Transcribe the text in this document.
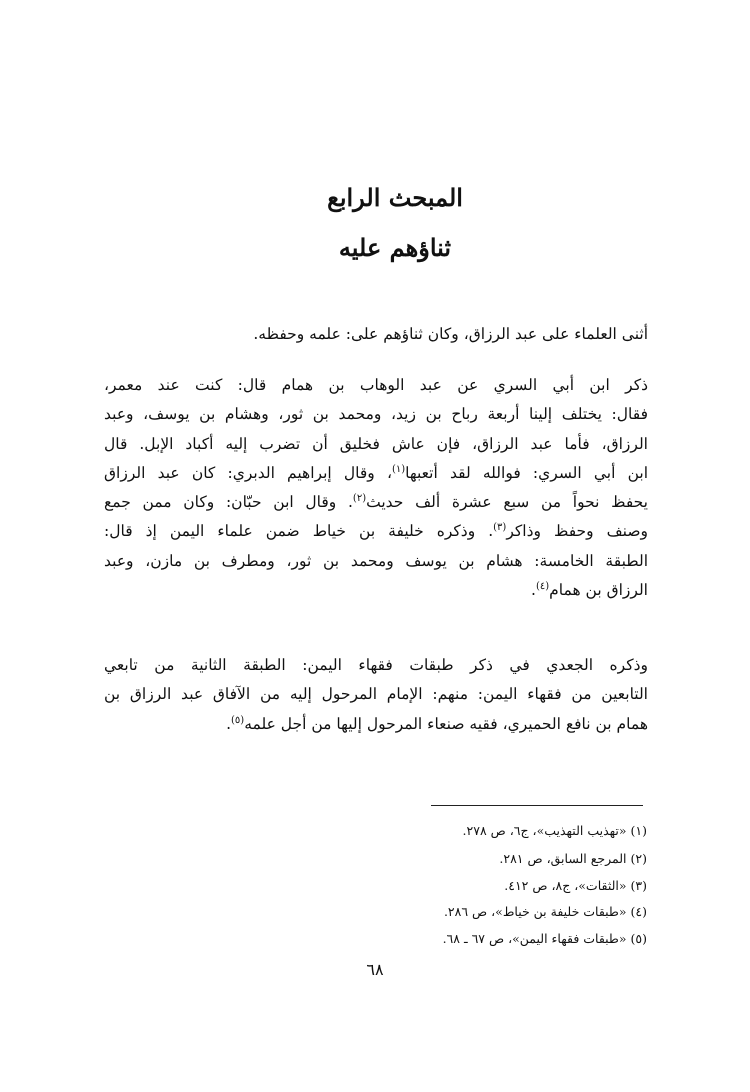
المبحث الرابع
ثناؤهم عليه

أثنى العلماء على عبد الرزاق، وكان ثناؤهم على: علمه وحفظه.

ذكر ابن أبي السري عن عبد الوهاب بن همام قال: كنت عند معمر،
فقال: يختلف إلينا أربعة رباح بن زيد، ومحمد بن ثور، وهشام بن يوسف، وعبد
الرزاق، فأما عبد الرزاق، فإن عاش فخليق أن تضرب إليه أكباد الإبل. قال
ابن أبي السري: فوالله لقد أتعبها$^{(١)}$، وقال إبراهيم الدبري: كان عبد الرزاق
يحفظ نحواً من سبع عشرة ألف حديث$^{(٢)}$. وقال ابن حبّان: وكان ممن جمع
وصنف وحفظ وذاكر$^{(٣)}$. وذكره خليفة بن خياط ضمن علماء اليمن إذ قال:
الطبقة الخامسة: هشام بن يوسف ومحمد بن ثور، ومطرف بن مازن، وعبد
الرزاق بن همام$^{(٤)}$.

وذكره الجعدي في ذكر طبقات فقهاء اليمن: الطبقة الثانية من تابعي
التابعين من فقهاء اليمن: منهم: الإمام المرحول إليه من الآفاق عبد الرزاق بن
همام بن نافع الحميري، فقيه صنعاء المرحول إليها من أجل علمه$^{(٥)}$.

(١) «تهذيب التهذيب»، ج٦، ص ٢٧٨.

(٢) المرجع السابق، ص ٢٨١.

(٣) «الثقات»، ج٨، ص ٤١٢.

(٤) «طبقات خليفة بن خياط»، ص ٢٨٦.

(٥) «طبقات فقهاء اليمن»، ص ٦٧ ـ ٦٨.

٦٨
